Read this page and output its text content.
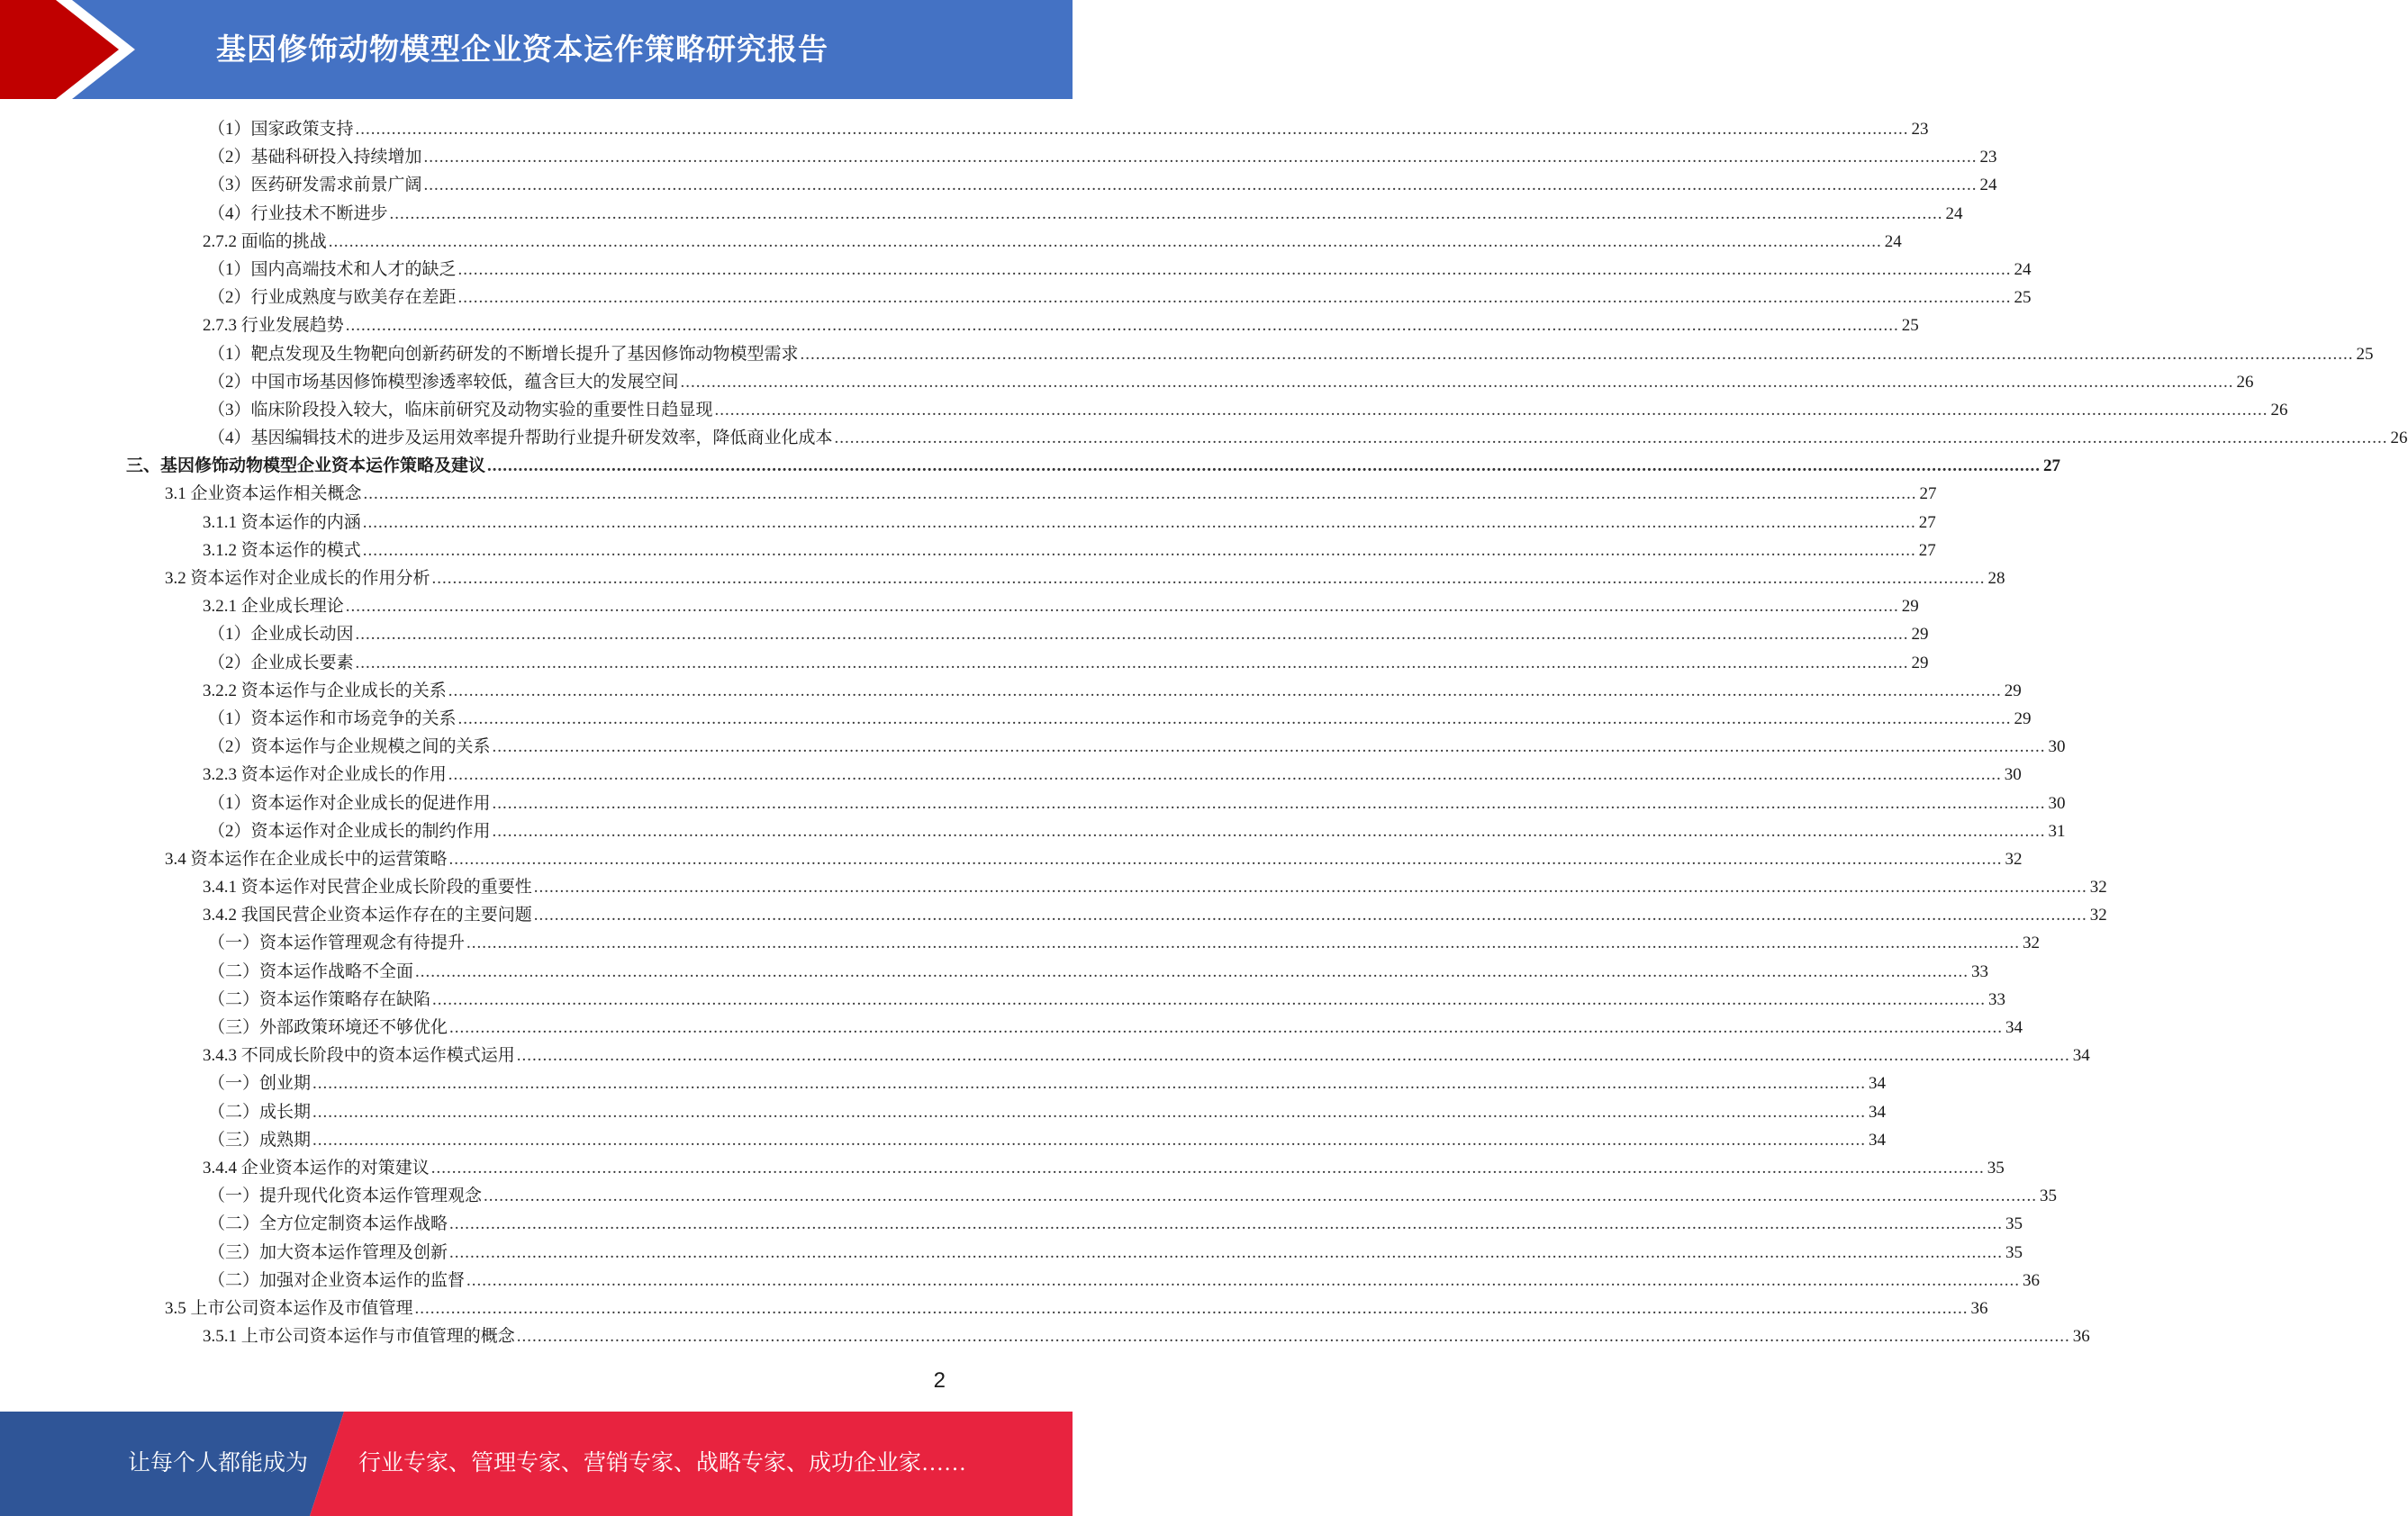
基因修饰动物模型企业资本运作策略研究报告
（1）国家政策支持 ............................................................................................................................................................................................................................................................................................................ 23
（2）基础科研投入持续增加 ............................................................................................................................................................................................................................................................................................................ 23
（3）医药研发需求前景广阔 ............................................................................................................................................................................................................................................................................................................ 24
（4）行业技术不断进步 ............................................................................................................................................................................................................................................................................................................ 24
2.7.2 面临的挑战 ............................................................................................................................................................................................................................................................................................................ 24
（1）国内高端技术和人才的缺乏 ............................................................................................................................................................................................................................................................................................................ 24
（2）行业成熟度与欧美存在差距 ............................................................................................................................................................................................................................................................................................................ 25
2.7.3 行业发展趋势 ............................................................................................................................................................................................................................................................................................................ 25
（1）靶点发现及生物靶向创新药研发的不断增长提升了基因修饰动物模型需求 ............................................................................................................................................................................................................................................................................................................ 25
（2）中国市场基因修饰模型渗透率较低，蕴含巨大的发展空间 ............................................................................................................................................................................................................................................................................................................ 26
（3）临床阶段投入较大，临床前研究及动物实验的重要性日趋显现 ............................................................................................................................................................................................................................................................................................................ 26
（4）基因编辑技术的进步及运用效率提升帮助行业提升研发效率，降低商业化成本 ............................................................................................................................................................................................................................................................................................................ 26
三、基因修饰动物模型企业资本运作策略及建议 ............................................................................................................................................................................................................................................................................................................ 27
3.1 企业资本运作相关概念 ............................................................................................................................................................................................................................................................................................................ 27
3.1.1 资本运作的内涵 ............................................................................................................................................................................................................................................................................................................ 27
3.1.2 资本运作的模式 ............................................................................................................................................................................................................................................................................................................ 27
3.2 资本运作对企业成长的作用分析 ............................................................................................................................................................................................................................................................................................................ 28
3.2.1 企业成长理论 ............................................................................................................................................................................................................................................................................................................ 29
（1）企业成长动因 ............................................................................................................................................................................................................................................................................................................ 29
（2）企业成长要素 ............................................................................................................................................................................................................................................................................................................ 29
3.2.2 资本运作与企业成长的关系 ............................................................................................................................................................................................................................................................................................................ 29
（1）资本运作和市场竞争的关系 ............................................................................................................................................................................................................................................................................................................ 29
（2）资本运作与企业规模之间的关系 ............................................................................................................................................................................................................................................................................................................ 30
3.2.3 资本运作对企业成长的作用 ............................................................................................................................................................................................................................................................................................................ 30
（1）资本运作对企业成长的促进作用 ............................................................................................................................................................................................................................................................................................................ 30
（2）资本运作对企业成长的制约作用 ............................................................................................................................................................................................................................................................................................................ 31
3.4 资本运作在企业成长中的运营策略 ............................................................................................................................................................................................................................................................................................................ 32
3.4.1 资本运作对民营企业成长阶段的重要性 ............................................................................................................................................................................................................................................................................................................ 32
3.4.2 我国民营企业资本运作存在的主要问题 ............................................................................................................................................................................................................................................................................................................ 32
（一）资本运作管理观念有待提升 ............................................................................................................................................................................................................................................................................................................ 32
（二）资本运作战略不全面 ............................................................................................................................................................................................................................................................................................................ 33
（二）资本运作策略存在缺陷 ............................................................................................................................................................................................................................................................................................................ 33
（三）外部政策环境还不够优化 ............................................................................................................................................................................................................................................................................................................ 34
3.4.3 不同成长阶段中的资本运作模式运用 ............................................................................................................................................................................................................................................................................................................ 34
（一）创业期 ............................................................................................................................................................................................................................................................................................................ 34
（二）成长期 ............................................................................................................................................................................................................................................................................................................ 34
（三）成熟期 ............................................................................................................................................................................................................................................................................................................ 34
3.4.4 企业资本运作的对策建议 ............................................................................................................................................................................................................................................................................................................ 35
（一）提升现代化资本运作管理观念 ............................................................................................................................................................................................................................................................................................................ 35
（二）全方位定制资本运作战略 ............................................................................................................................................................................................................................................................................................................ 35
（三）加大资本运作管理及创新 ............................................................................................................................................................................................................................................................................................................ 35
（二）加强对企业资本运作的监督 ............................................................................................................................................................................................................................................................................................................ 36
3.5 上市公司资本运作及市值管理 ............................................................................................................................................................................................................................................................................................................ 36
3.5.1 上市公司资本运作与市值管理的概念 ............................................................................................................................................................................................................................................................................................................ 36
2
让每个人都能成为 行业专家、管理专家、营销专家、战略专家、成功企业家……
